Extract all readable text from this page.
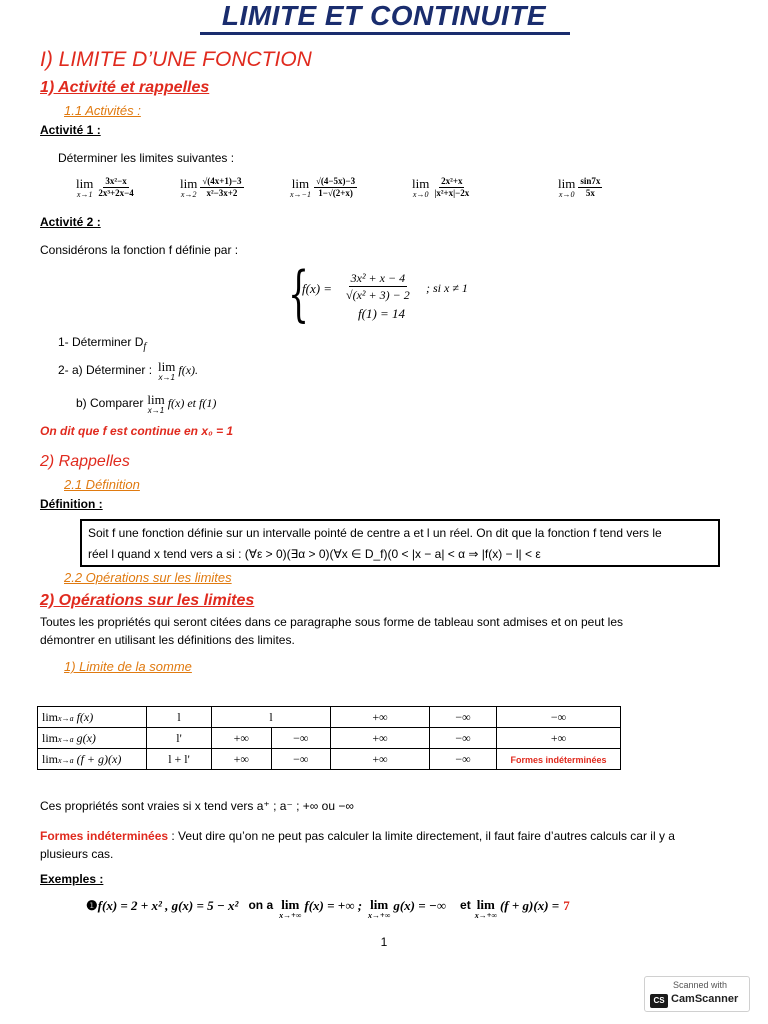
LIMITE ET CONTINUITE
I) LIMITE D’UNE FONCTION
1) Activité et rappelles
1.1 Activités :
Activité 1 :
Déterminer les limites suivantes :
lim
$x\to 1 \frac{\text{3x²−x}}{\text{2x³+2x−4}}$	lim
$x\to 2 \frac{√(4x+1)-3}{\text{x²−3x+2}}$	lim
$x\to-1 \frac{√(4-5x)-3}{1-√(2+x)}$	lim
$x\to 0 \frac{\text{2x²+x}}{\text{|x²+x|−2x}}$	lim
$x\to 0 \frac{\sin 7x}{5x}$
Activité 2 :
Considérons la fonction f définie par :
{
$f(x) = \frac{\text{3x² + x − 4}}{\text{√(x² + 3) − 2}}$ ; si x ≠ 1
f(1) = 14
1- Déterminer $D_f$
2- a) Déterminer : lim
x→1
f(x).
b) Comparer lim
x→1
f(x) et f(1)
On dit que f est continue en x₀ = 1
2) Rappelles
2.1 Définition
Définition :
Soit f une fonction définie sur un intervalle pointé de centre a et l un réel. On dit que la fonction f tend vers le
réel l quand x tend vers a si : (∀ε > 0)(∃α > 0)(∀x ∈ D_f)(0 < |x − a| < α ⇒ |f(x) − l| < ε
2.2 Opérations sur les limites
2) Opérations sur les limites
Toutes les propriétés qui seront citées dans ce paragraphe sous forme de tableau sont admises et on peut les
démontrer en utilisant les définitions des limites.
1) Limite de la somme
limx→a f(x)	l	l		+∞	−∞	−∞
limx→a g(x)	l'	+∞	−∞	+∞	−∞	+∞
limx→a (f + g)(x)	l + l'	+∞	−∞	+∞	−∞	Formes indéterminées
Ces propriétés sont vraies si x tend vers a⁺ ; a⁻ ; +∞ ou −∞
Formes indéterminées : Veut dire qu’on ne peut pas calculer la limite directement, il faut faire d’autres calculs car il y a
plusieurs cas.
Exemples :
❶ f(x) = 2 + x² , g(x) = 5 − x² on a lim
x→+∞
f(x) = +∞ ; lim
x→+∞
g(x) = −∞ et lim
x→+∞
(f + g)(x) = 7
1
Scanned with
CS CamScanner
